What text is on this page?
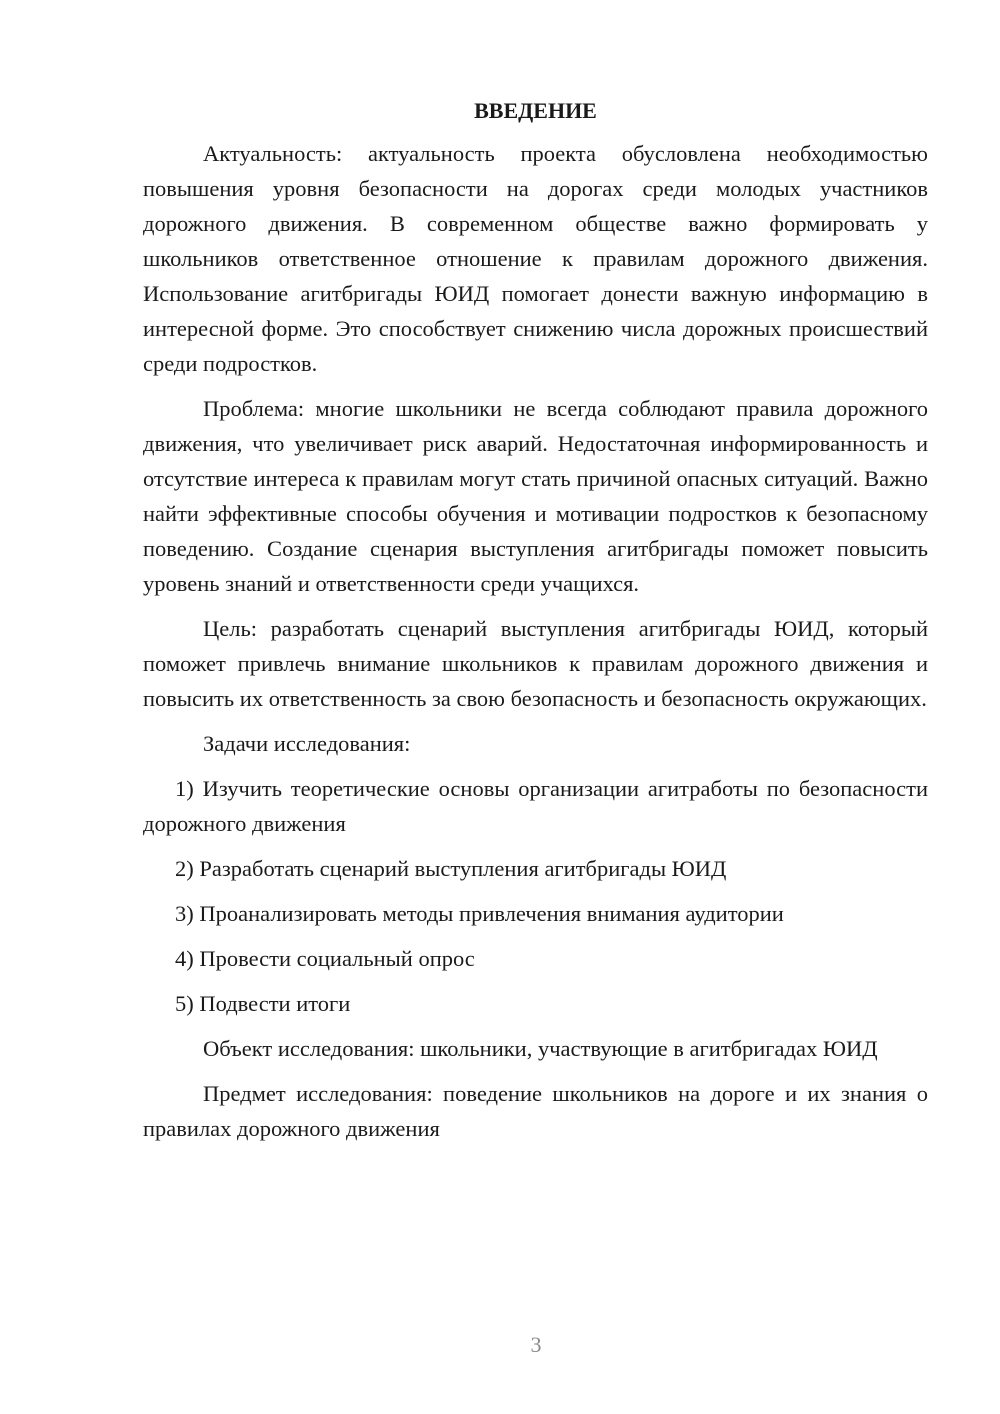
ВВЕДЕНИЕ

Актуальность: актуальность проекта обусловлена необходимостью повышения уровня безопасности на дорогах среди молодых участников дорожного движения. В современном обществе важно формировать у школьников ответственное отношение к правилам дорожного движения. Использование агитбригады ЮИД помогает донести важную информацию в интересной форме. Это способствует снижению числа дорожных происшествий среди подростков.

Проблема: многие школьники не всегда соблюдают правила дорожного движения, что увеличивает риск аварий. Недостаточная информированность и отсутствие интереса к правилам могут стать причиной опасных ситуаций. Важно найти эффективные способы обучения и мотивации подростков к безопасному поведению. Создание сценария выступления агитбригады поможет повысить уровень знаний и ответственности среди учащихся.

Цель: разработать сценарий выступления агитбригады ЮИД, который поможет привлечь внимание школьников к правилам дорожного движения и повысить их ответственность за свою безопасность и безопасность окружающих.

Задачи исследования:

1) Изучить теоретические основы организации агитработы по безопасности дорожного движения

2) Разработать сценарий выступления агитбригады ЮИД

3) Проанализировать методы привлечения внимания аудитории

4) Провести социальный опрос

5) Подвести итоги

Объект исследования: школьники, участвующие в агитбригадах ЮИД

Предмет исследования: поведение школьников на дороге и их знания о правилах дорожного движения

3
